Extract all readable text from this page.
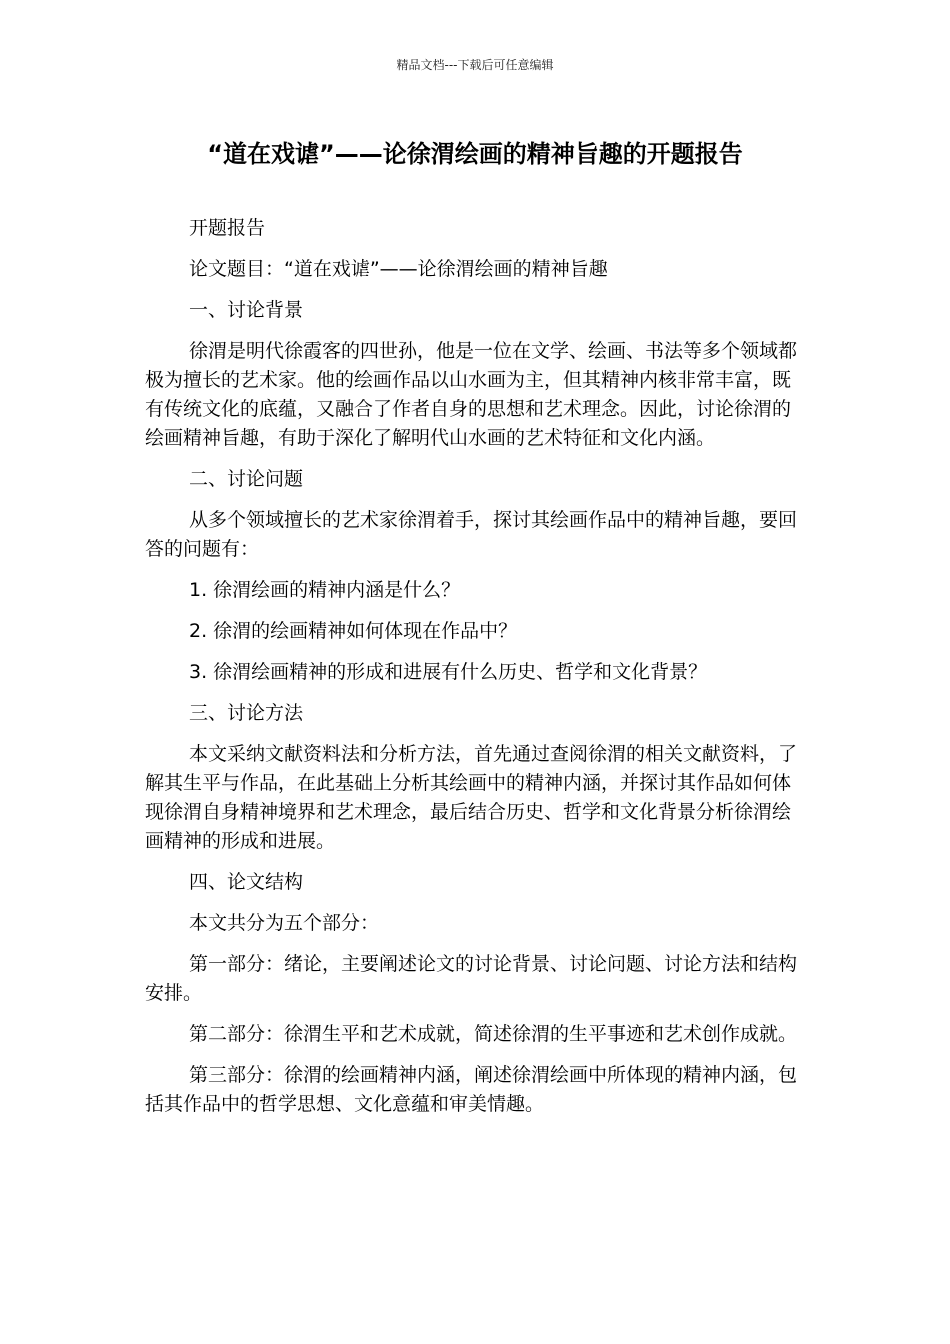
精品文档---下载后可任意编辑
“道在戏谑”——论徐渭绘画的精神旨趣的开题报告

开题报告

论文题目：“道在戏谑”——论徐渭绘画的精神旨趣

一、讨论背景

徐渭是明代徐霞客的四世孙，他是一位在文学、绘画、书法等多个领域都极为擅长的艺术家。他的绘画作品以山水画为主，但其精神内核非常丰富，既有传统文化的底蕴，又融合了作者自身的思想和艺术理念。因此，讨论徐渭的绘画精神旨趣，有助于深化了解明代山水画的艺术特征和文化内涵。

二、讨论问题

从多个领域擅长的艺术家徐渭着手，探讨其绘画作品中的精神旨趣，要回答的问题有：

1. 徐渭绘画的精神内涵是什么？

2. 徐渭的绘画精神如何体现在作品中？

3. 徐渭绘画精神的形成和进展有什么历史、哲学和文化背景？

三、讨论方法

本文采纳文献资料法和分析方法，首先通过查阅徐渭的相关文献资料，了解其生平与作品，在此基础上分析其绘画中的精神内涵，并探讨其作品如何体现徐渭自身精神境界和艺术理念，最后结合历史、哲学和文化背景分析徐渭绘画精神的形成和进展。

四、论文结构

本文共分为五个部分：

第一部分：绪论，主要阐述论文的讨论背景、讨论问题、讨论方法和结构安排。

第二部分：徐渭生平和艺术成就，简述徐渭的生平事迹和艺术创作成就。

第三部分：徐渭的绘画精神内涵，阐述徐渭绘画中所体现的精神内涵，包括其作品中的哲学思想、文化意蕴和审美情趣。
